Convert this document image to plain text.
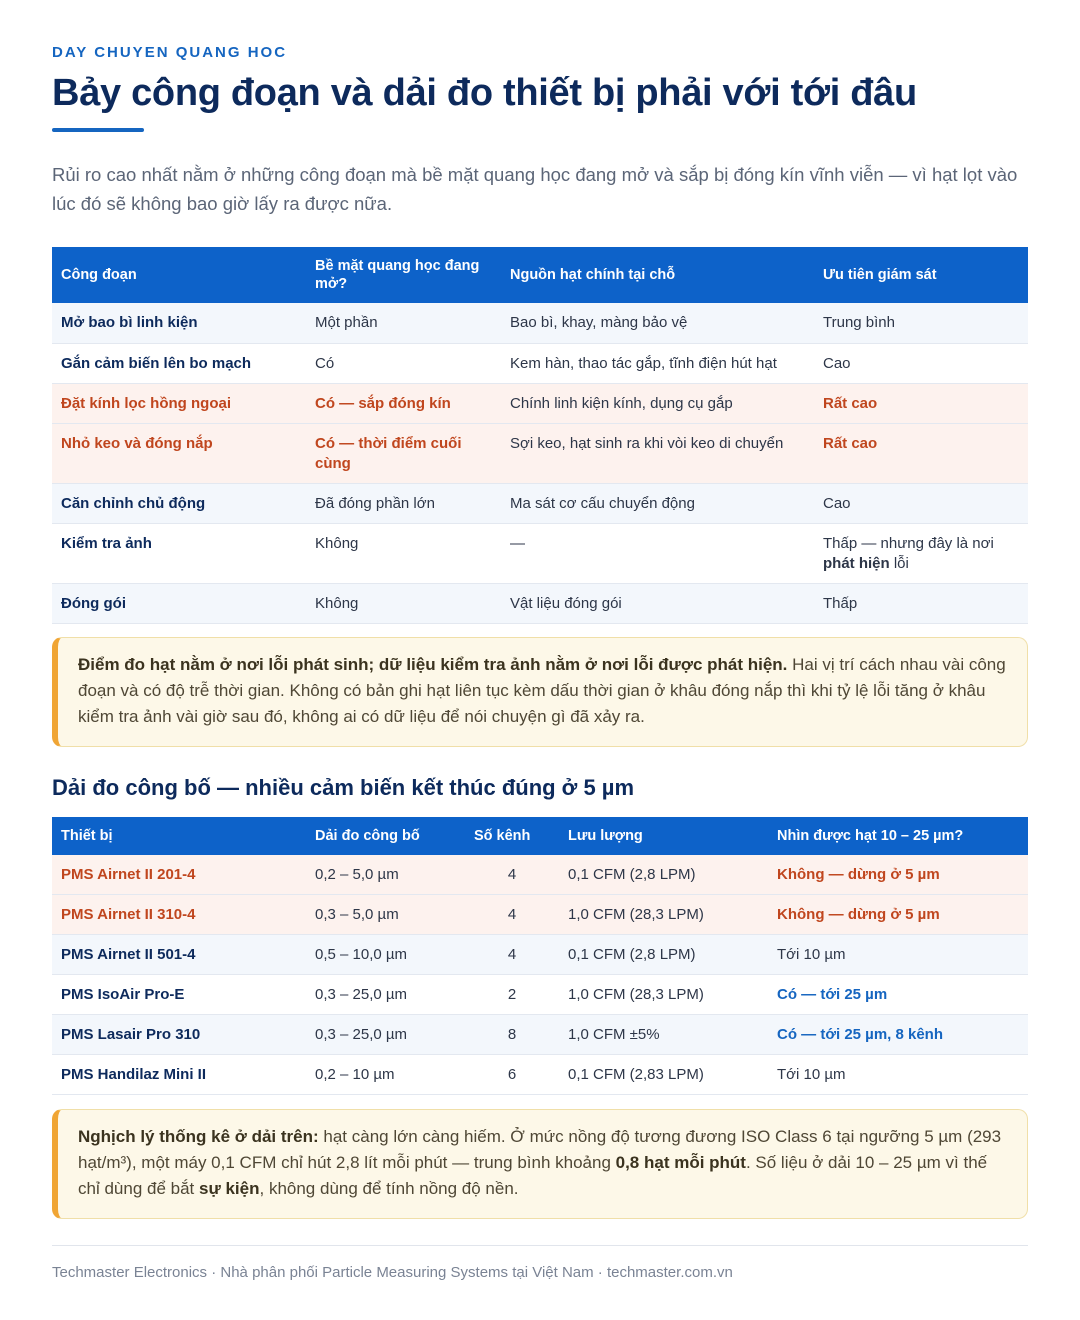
DAY CHUYEN QUANG HOC
Bảy công đoạn và dải đo thiết bị phải với tới đâu

Rủi ro cao nhất nằm ở những công đoạn mà bề mặt quang học đang mở và sắp bị đóng kín vĩnh viễn — vì hạt lọt vào lúc đó sẽ không bao giờ lấy ra được nữa.

Công đoạn	Bề mặt quang học đang mở?	Nguồn hạt chính tại chỗ	Ưu tiên giám sát
Mở bao bì linh kiện	Một phần	Bao bì, khay, màng bảo vệ	Trung bình
Gắn cảm biến lên bo mạch	Có	Kem hàn, thao tác gắp, tĩnh điện hút hạt	Cao
Đặt kính lọc hồng ngoại	Có — sắp đóng kín	Chính linh kiện kính, dụng cụ gắp	Rất cao
Nhỏ keo và đóng nắp	Có — thời điểm cuối cùng	Sợi keo, hạt sinh ra khi vòi keo di chuyển	Rất cao
Căn chỉnh chủ động	Đã đóng phần lớn	Ma sát cơ cấu chuyển động	Cao
Kiểm tra ảnh	Không	—	Thấp — nhưng đây là nơi phát hiện lỗi
Đóng gói	Không	Vật liệu đóng gói	Thấp
Điểm đo hạt nằm ở nơi lỗi phát sinh; dữ liệu kiểm tra ảnh nằm ở nơi lỗi được phát hiện. Hai vị trí cách nhau vài công đoạn và có độ trễ thời gian. Không có bản ghi hạt liên tục kèm dấu thời gian ở khâu đóng nắp thì khi tỷ lệ lỗi tăng ở khâu kiểm tra ảnh vài giờ sau đó, không ai có dữ liệu để nói chuyện gì đã xảy ra.
Dải đo công bố — nhiều cảm biến kết thúc đúng ở 5 µm
Thiết bị	Dải đo công bố	Số kênh	Lưu lượng	Nhìn được hạt 10 – 25 µm?
PMS Airnet II 201-4	0,2 – 5,0 µm	4	0,1 CFM (2,8 LPM)	Không — dừng ở 5 µm
PMS Airnet II 310-4	0,3 – 5,0 µm	4	1,0 CFM (28,3 LPM)	Không — dừng ở 5 µm
PMS Airnet II 501-4	0,5 – 10,0 µm	4	0,1 CFM (2,8 LPM)	Tới 10 µm
PMS IsoAir Pro-E	0,3 – 25,0 µm	2	1,0 CFM (28,3 LPM)	Có — tới 25 µm
PMS Lasair Pro 310	0,3 – 25,0 µm	8	1,0 CFM ±5%	Có — tới 25 µm, 8 kênh
PMS Handilaz Mini II	0,2 – 10 µm	6	0,1 CFM (2,83 LPM)	Tới 10 µm
Nghịch lý thống kê ở dải trên: hạt càng lớn càng hiếm. Ở mức nồng độ tương đương ISO Class 6 tại ngưỡng 5 µm (293 hạt/m³), một máy 0,1 CFM chỉ hút 2,8 lít mỗi phút — trung bình khoảng 0,8 hạt mỗi phút. Số liệu ở dải 10 – 25 µm vì thế chỉ dùng để bắt sự kiện, không dùng để tính nồng độ nền.
Techmaster Electronics · Nhà phân phối Particle Measuring Systems tại Việt Nam · techmaster.com.vn
